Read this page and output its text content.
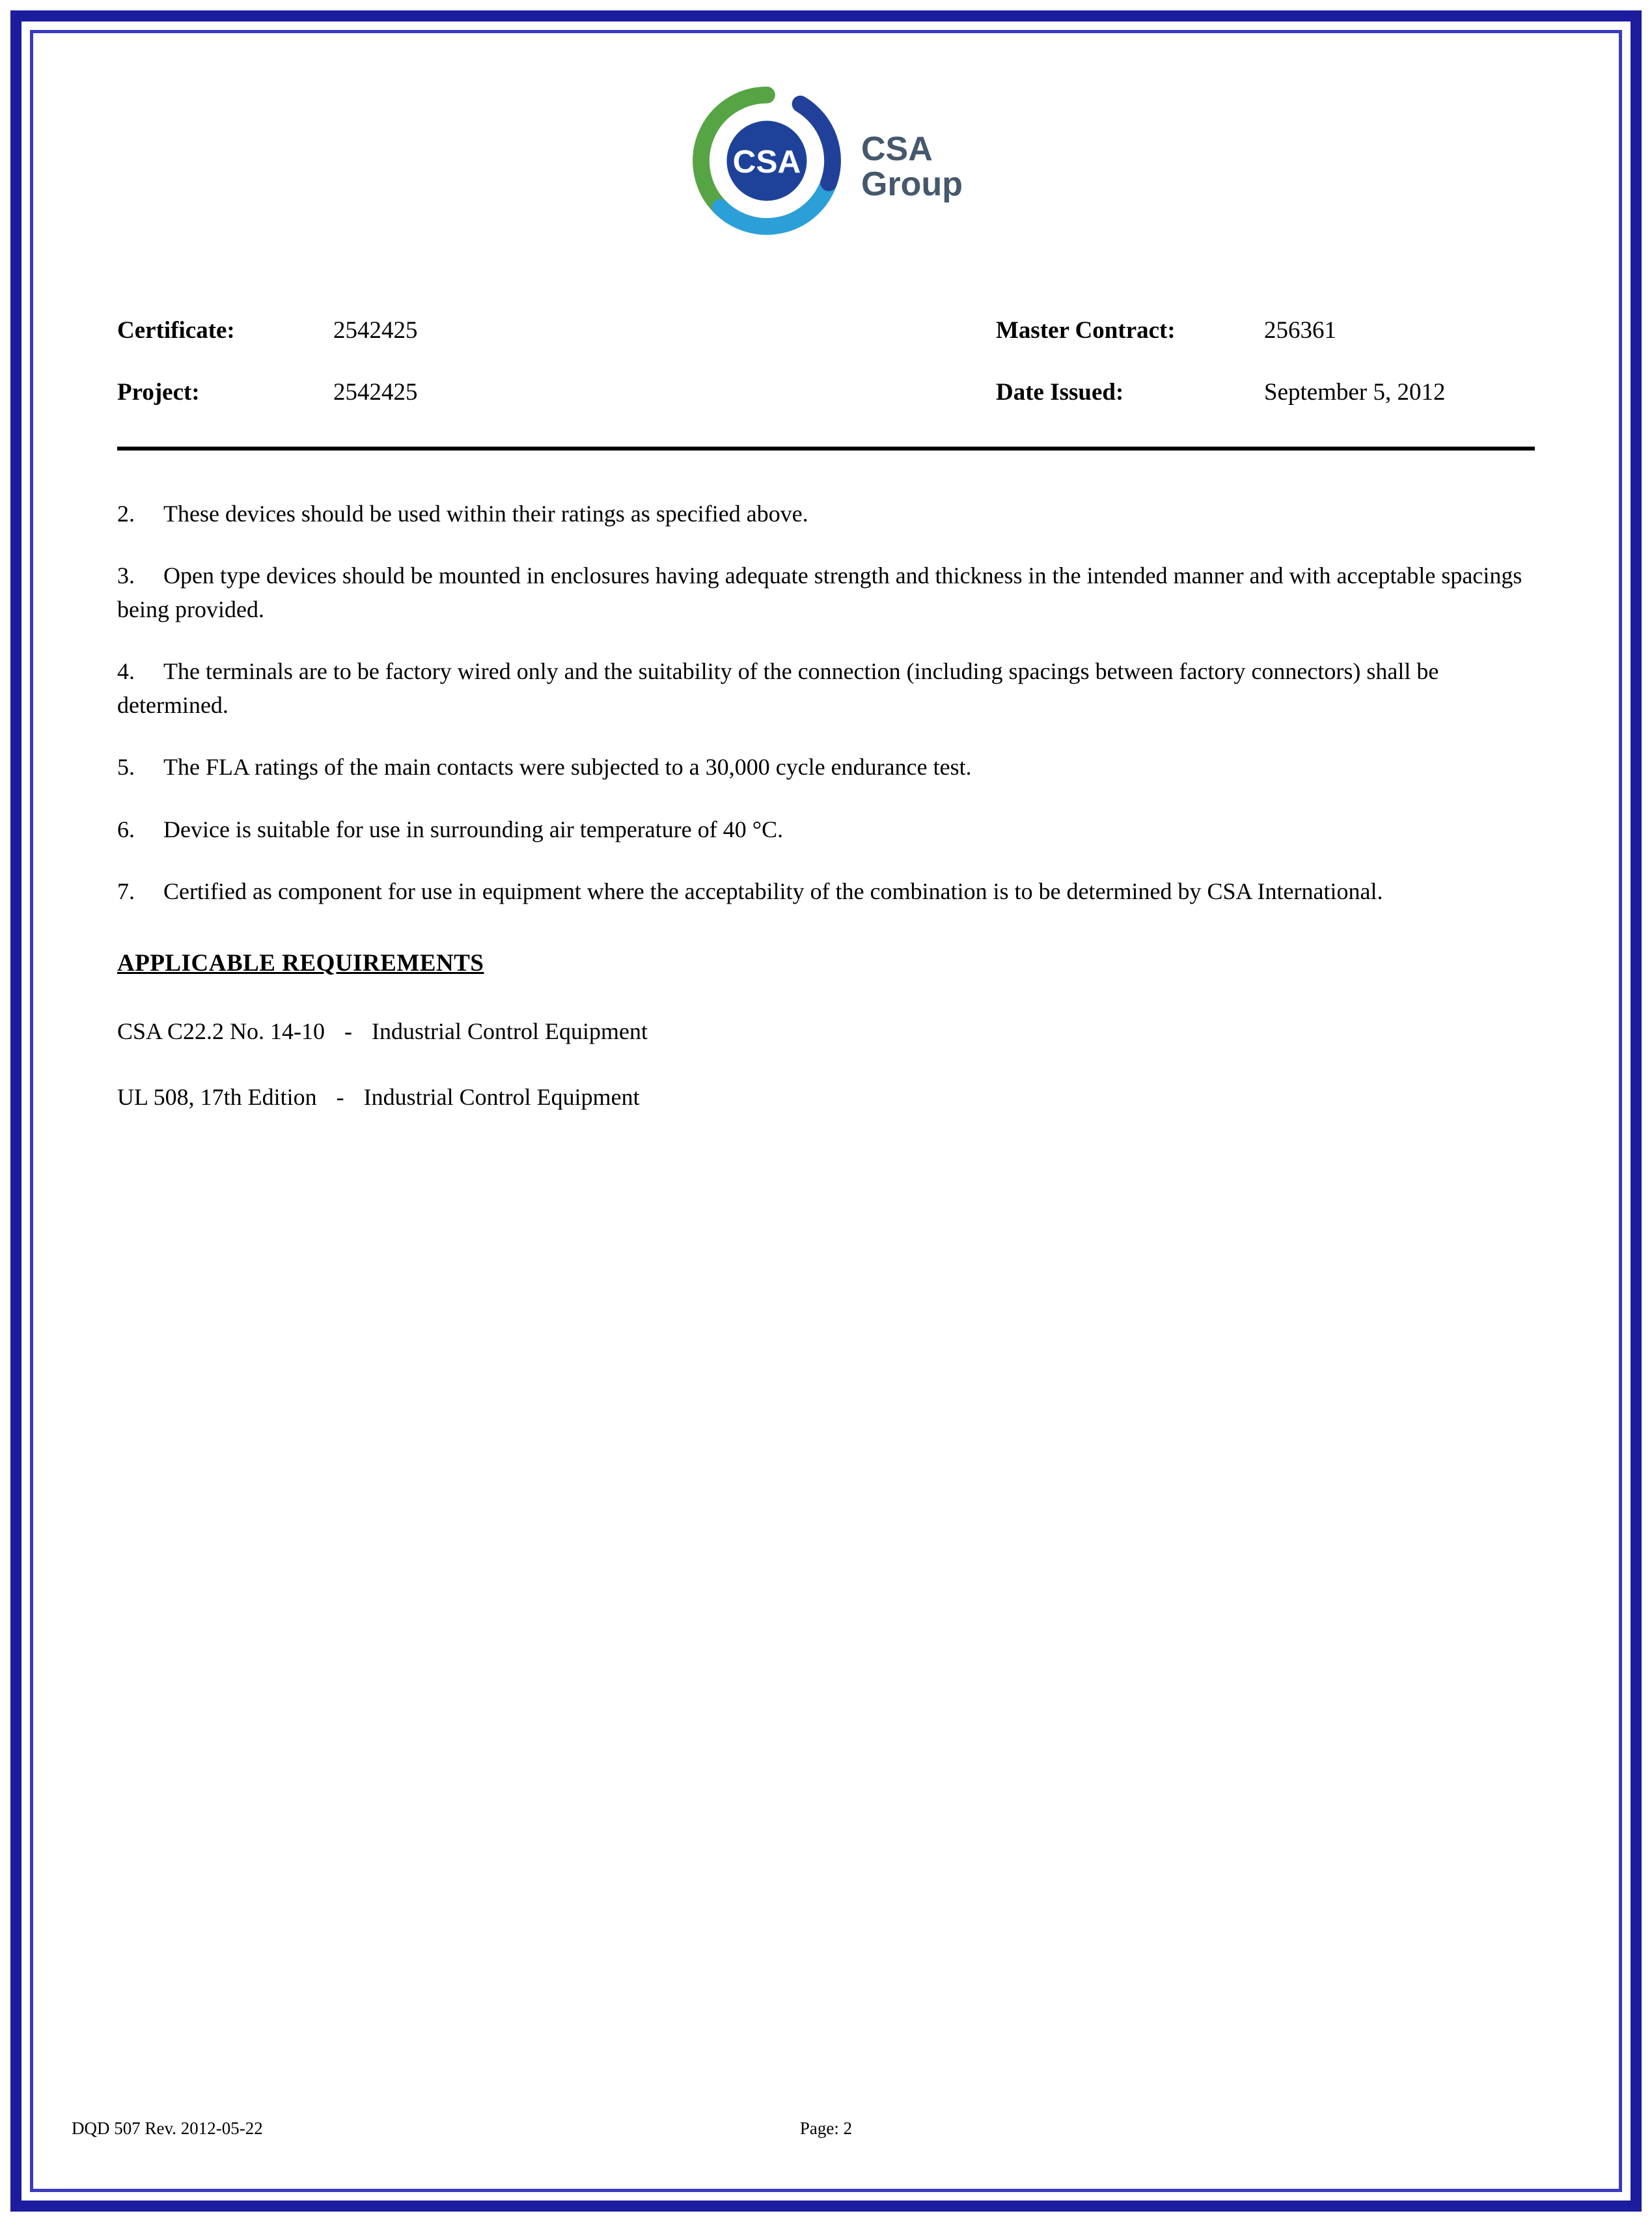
CSA CSA
Group
Certificate:	2542425	Master Contract:	256361
Project:	2542425	Date Issued:	September 5, 2012
2. These devices should be used within their ratings as specified above.
3. Open type devices should be mounted in enclosures having adequate strength and thickness in the intended manner and with acceptable spacings being provided.
4. The terminals are to be factory wired only and the suitability of the connection (including spacings between factory connectors) shall be determined.
5. The FLA ratings of the main contacts were subjected to a 30,000 cycle endurance test.
6. Device is suitable for use in surrounding air temperature of 40 °C.
7. Certified as component for use in equipment where the acceptability of the combination is to be determined by CSA International.
APPLICABLE REQUIREMENTS
CSA C22.2 No. 14-10 - Industrial Control Equipment
UL 508, 17th Edition - Industrial Control Equipment
DQD 507 Rev. 2012-05-22	Page: 2
